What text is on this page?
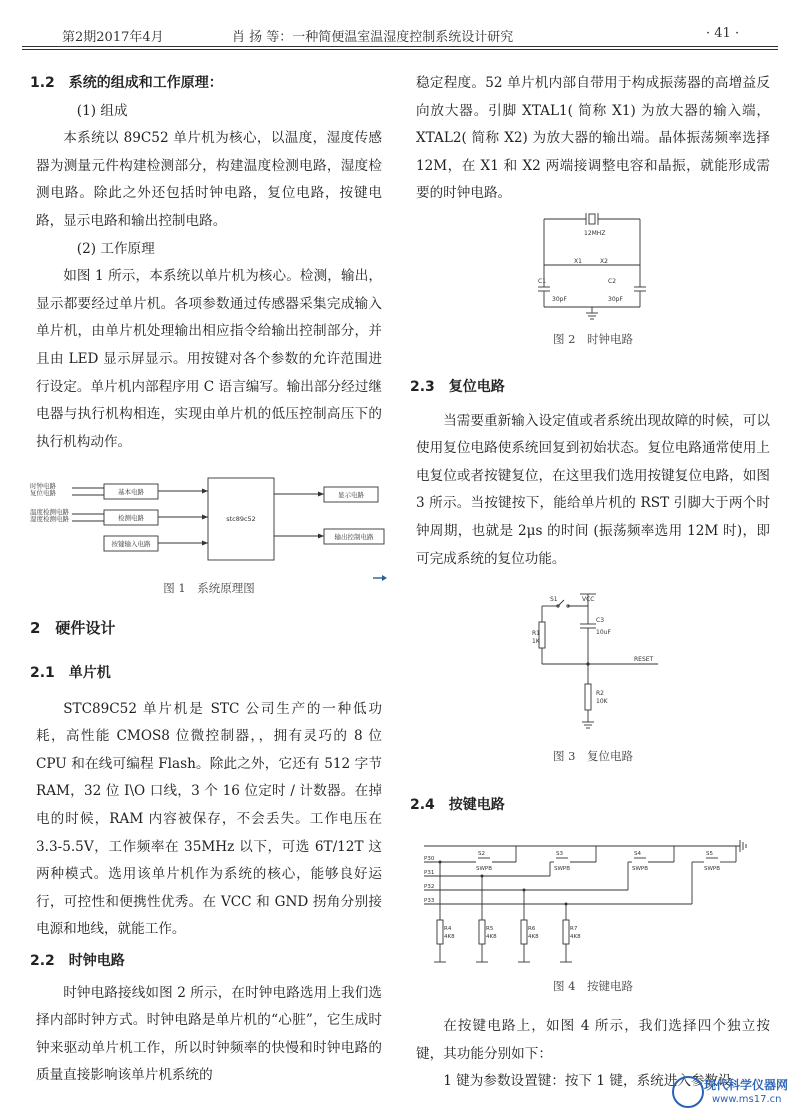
第2期2017年4月	肖 扬 等：一种简便温室温湿度控制系统设计研究	· 41 ·
1.2　系统的组成和工作原理：
(1) 组成

本系统以 89C52 单片机为核心，以温度，湿度传感器为测量元件构建检测部分，构建温度检测电路，湿度检测电路。除此之外还包括时钟电路，复位电路，按键电路，显示电路和输出控制电路。

(2) 工作原理

如图 1 所示，本系统以单片机为核心。检测，输出，显示都要经过单片机。各项参数通过传感器采集完成输入单片机，由单片机处理输出相应指令给输出控制部分，并且由 LED 显示屏显示。用按键对各个参数的允许范围进行设定。单片机内部程序用 C 语言编写。输出部分经过继电器与执行机构相连，实现由单片机的低压控制高压下的执行机构动作。

时钟电路
复位电路
温度检测电路
湿度检测电路
基本电路
检测电路
按键输入电路
stc89c52
显示电路
输出控制电路
图 1　系统原理图
2　硬件设计
2.1　单片机

STC89C52 单片机是 STC 公司生产的一种低功耗，高性能 CMOS8 位微控制器，，拥有灵巧的 8 位 CPU 和在线可编程 Flash。除此之外，它还有 512 字节 RAM，32 位 I\O 口线，3 个 16 位定时 / 计数器。在掉电的时候，RAM 内容被保存，不会丢失。工作电压在 3.3-5.5V，工作频率在 35MHz 以下，可选 6T/12T 这两种模式。选用该单片机作为系统的核心，能够良好运行，可控性和便携性优秀。在 VCC 和 GND 拐角分别接电源和地线，就能工作。

2.2　时钟电路

时钟电路接线如图 2 所示，在时钟电路选用上我们选择内部时钟方式。时钟电路是单片机的“心脏”，它生成时钟来驱动单片机工作，所以时钟频率的快慢和时钟电路的质量直接影响该单片机系统的

稳定程度。52 单片机内部自带用于构成振荡器的高增益反向放大器。引脚 XTAL1( 简称 X1) 为放大器的输入端，XTAL2( 简称 X2) 为放大器的输出端。晶体振荡频率选择 12M，在 X1 和 X2 两端接调整电容和晶振，就能形成需要的时钟电路。

12MHZ
X1	X2
C1
30pF
C2
30pF
图 2　时钟电路
2.3　复位电路

当需要重新输入设定值或者系统出现故障的时候，可以使用复位电路使系统回复到初始状态。复位电路通常使用上电复位或者按键复位，在这里我们选用按键复位电路，如图 3 所示。当按键按下，能给单片机的 RST 引脚大于两个时钟周期，也就是 2μs 的时间 (振荡频率选用 12M 时)，即可完成系统的复位功能。

VCC
S1
C3
10uF
R1
1K
R2
10K
RESET
图 3　复位电路
2.4　按键电路
P30
P31
P32
P33
S2	S3	S4	S5
SWPB	SWPB	SWPB	SWPB
R4	R5	R6	R7
4K8	4K8	4K8	4K8
图 4　按键电路

在按键电路上，如图 4 所示，我们选择四个独立按键，其功能分别如下：

1 键为参数设置键：按下 1 键，系统进入参数设

现代科学仪器网
www.ms17.cn
